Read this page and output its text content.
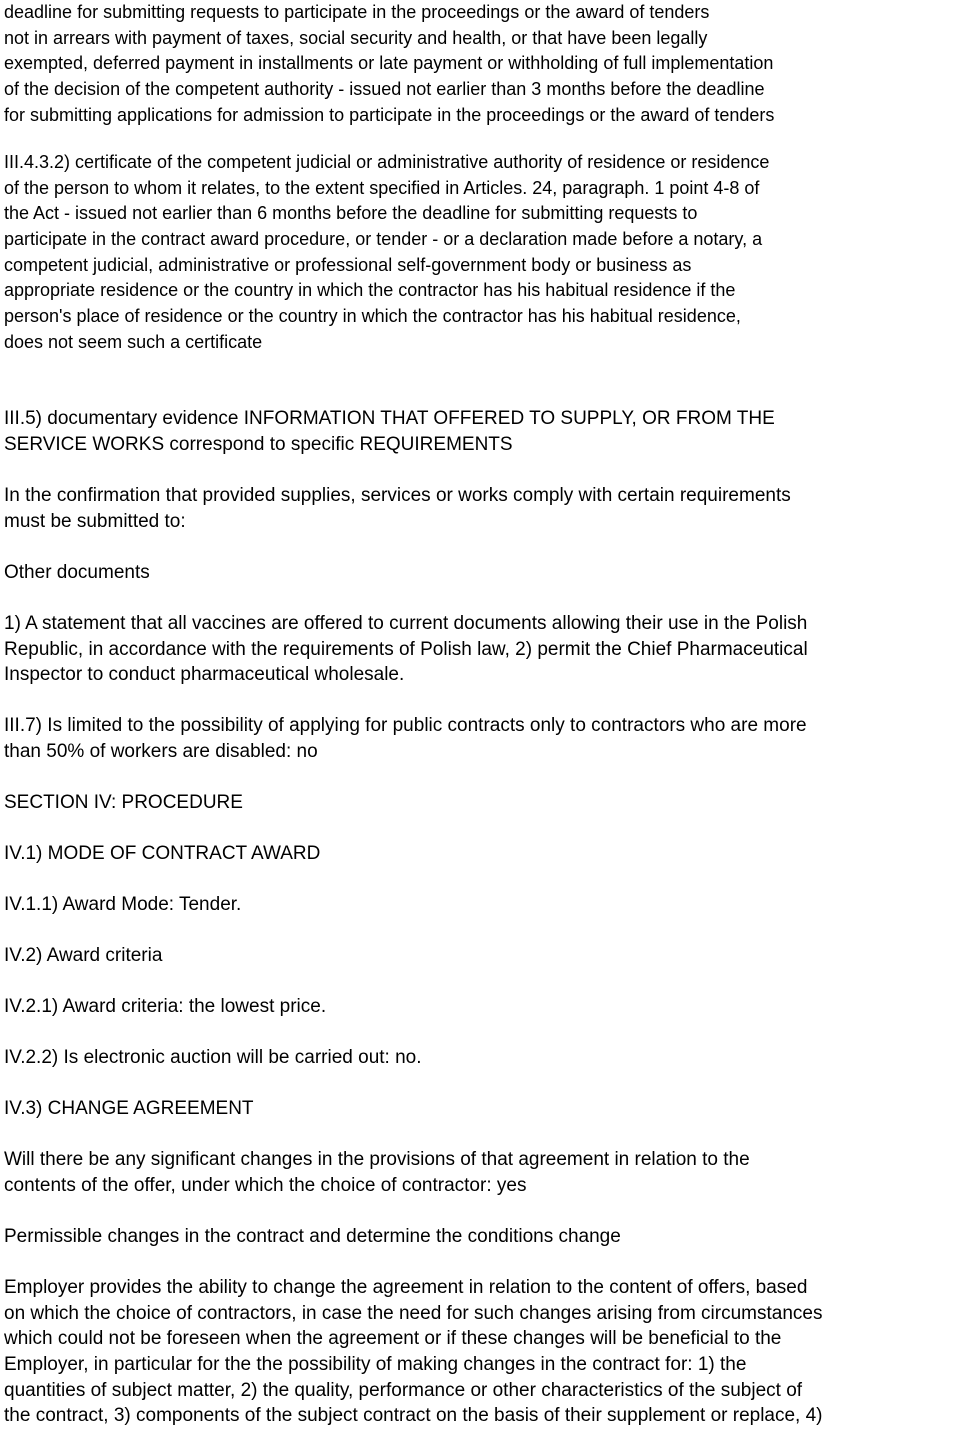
deadline for submitting requests to participate in the proceedings or the award of tenders
not in arrears with payment of taxes, social security and health, or that have been legally
exempted, deferred payment in installments or late payment or withholding of full implementation
of the decision of the competent authority - issued not earlier than 3 months before the deadline
for submitting applications for admission to participate in the proceedings or the award of tenders
III.4.3.2) certificate of the competent judicial or administrative authority of residence or residence
of the person to whom it relates, to the extent specified in Articles. 24, paragraph. 1 point 4-8 of
the Act - issued not earlier than 6 months before the deadline for submitting requests to
participate in the contract award procedure, or tender - or a declaration made before a notary, a
competent judicial, administrative or professional self-government body or business as
appropriate residence or the country in which the contractor has his habitual residence if the
person's place of residence or the country in which the contractor has his habitual residence,
does not seem such a certificate
III.5) documentary evidence INFORMATION THAT OFFERED TO SUPPLY, OR FROM THE
SERVICE WORKS correspond to specific REQUIREMENTS
In the confirmation that provided supplies, services or works comply with certain requirements
must be submitted to:
Other documents
1) A statement that all vaccines are offered to current documents allowing their use in the Polish
Republic, in accordance with the requirements of Polish law, 2) permit the Chief Pharmaceutical
Inspector to conduct pharmaceutical wholesale.
III.7) Is limited to the possibility of applying for public contracts only to contractors who are more
than 50% of workers are disabled: no
SECTION IV: PROCEDURE
IV.1) MODE OF CONTRACT AWARD
IV.1.1) Award Mode: Tender.
IV.2) Award criteria
IV.2.1) Award criteria: the lowest price.
IV.2.2) Is electronic auction will be carried out: no.
IV.3) CHANGE AGREEMENT
Will there be any significant changes in the provisions of that agreement in relation to the
contents of the offer, under which the choice of contractor: yes
Permissible changes in the contract and determine the conditions change
Employer provides the ability to change the agreement in relation to the content of offers, based
on which the choice of contractors, in case the need for such changes arising from circumstances
which could not be foreseen when the agreement or if these changes will be beneficial to the
Employer, in particular for the the possibility of making changes in the contract for: 1) the
quantities of subject matter, 2) the quality, performance or other characteristics of the subject of
the contract, 3) components of the subject contract on the basis of their supplement or replace, 4)
